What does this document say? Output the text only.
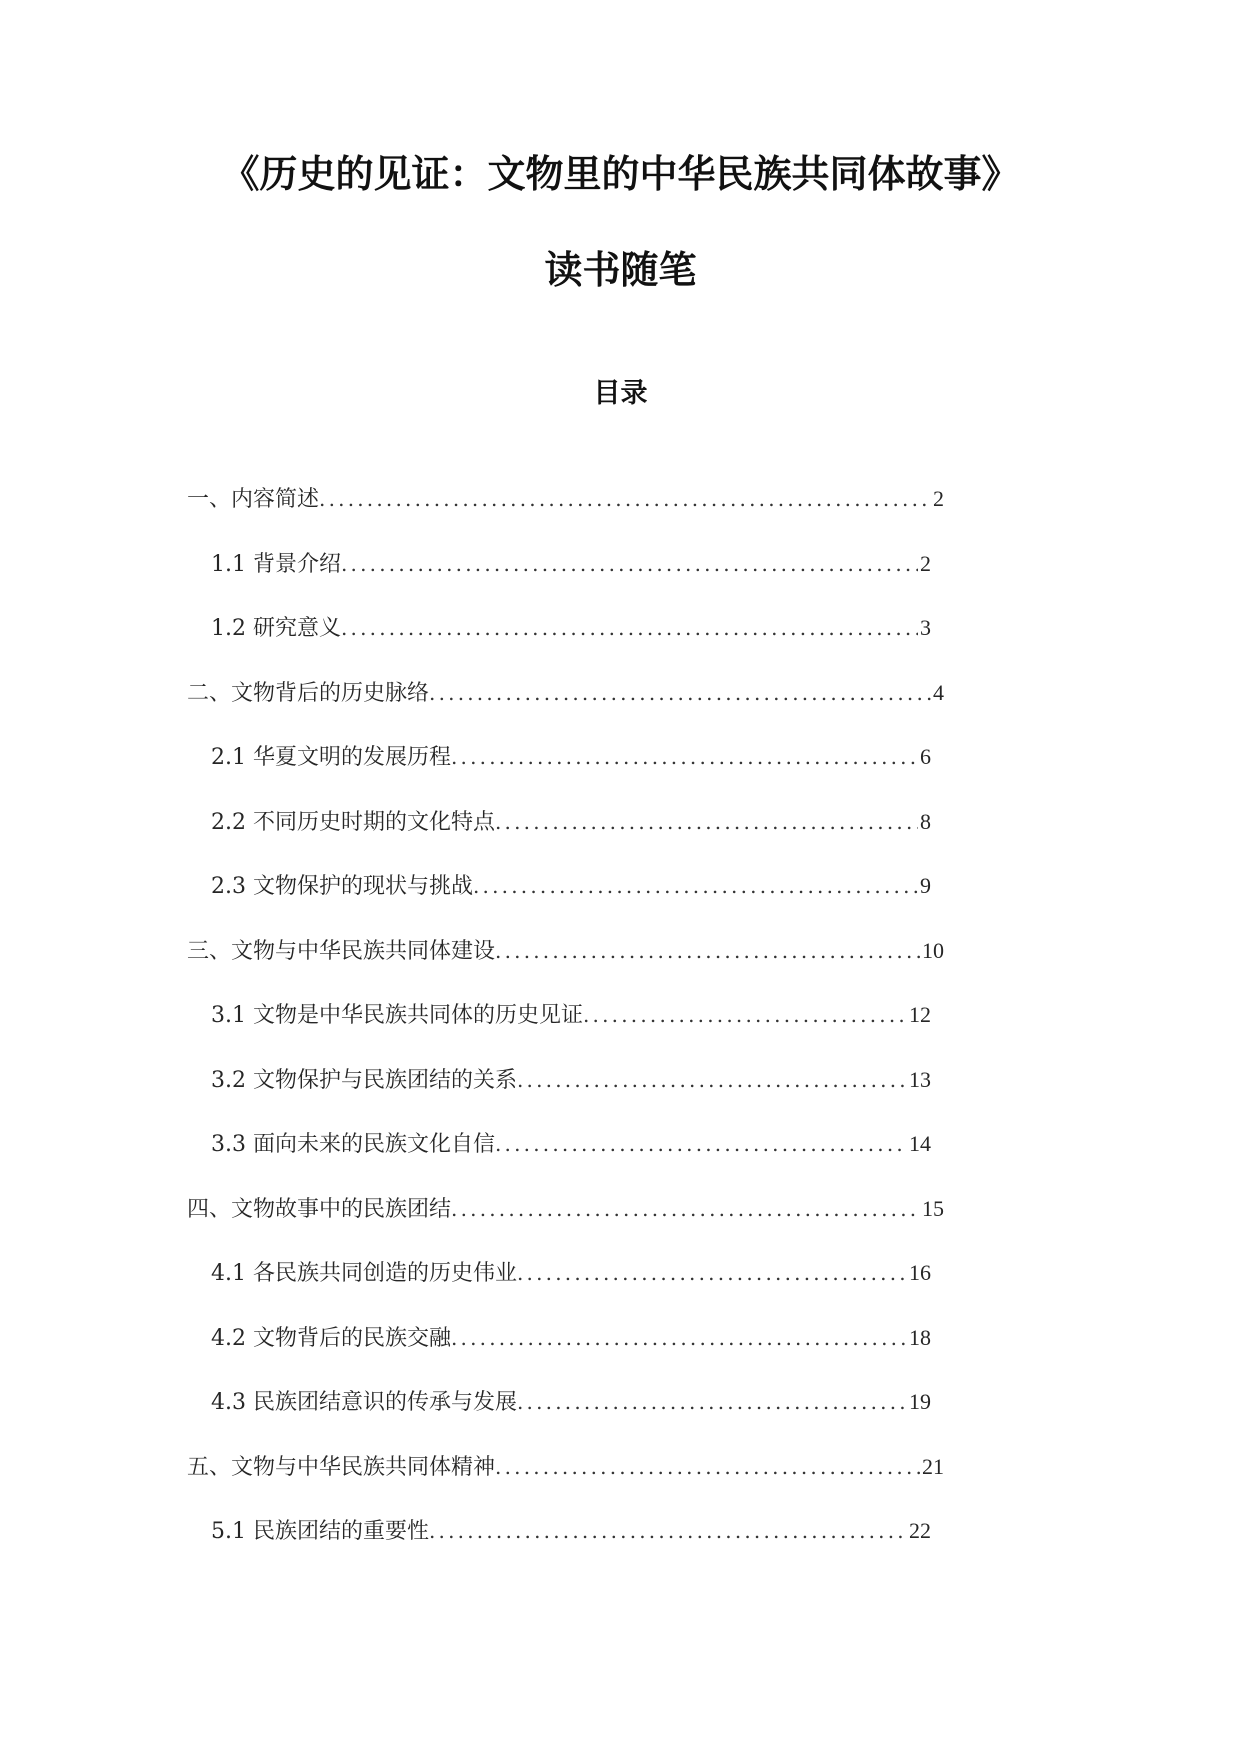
《历史的见证：文物里的中华民族共同体故事》
读书随笔
目录
一、内容简述 .....	2
1.1 背景介绍 .....	2
1.2 研究意义 .....	3
二、文物背后的历史脉络 .....	4
2.1 华夏文明的发展历程 .....	6
2.2 不同历史时期的文化特点 .....	8
2.3 文物保护的现状与挑战 .....	9
三、文物与中华民族共同体建设 .....	10
3.1 文物是中华民族共同体的历史见证 .....	12
3.2 文物保护与民族团结的关系 .....	13
3.3 面向未来的民族文化自信 .....	14
四、文物故事中的民族团结 .....	15
4.1 各民族共同创造的历史伟业 .....	16
4.2 文物背后的民族交融 .....	18
4.3 民族团结意识的传承与发展 .....	19
五、文物与中华民族共同体精神 .....	21
5.1 民族团结的重要性 .....	22
